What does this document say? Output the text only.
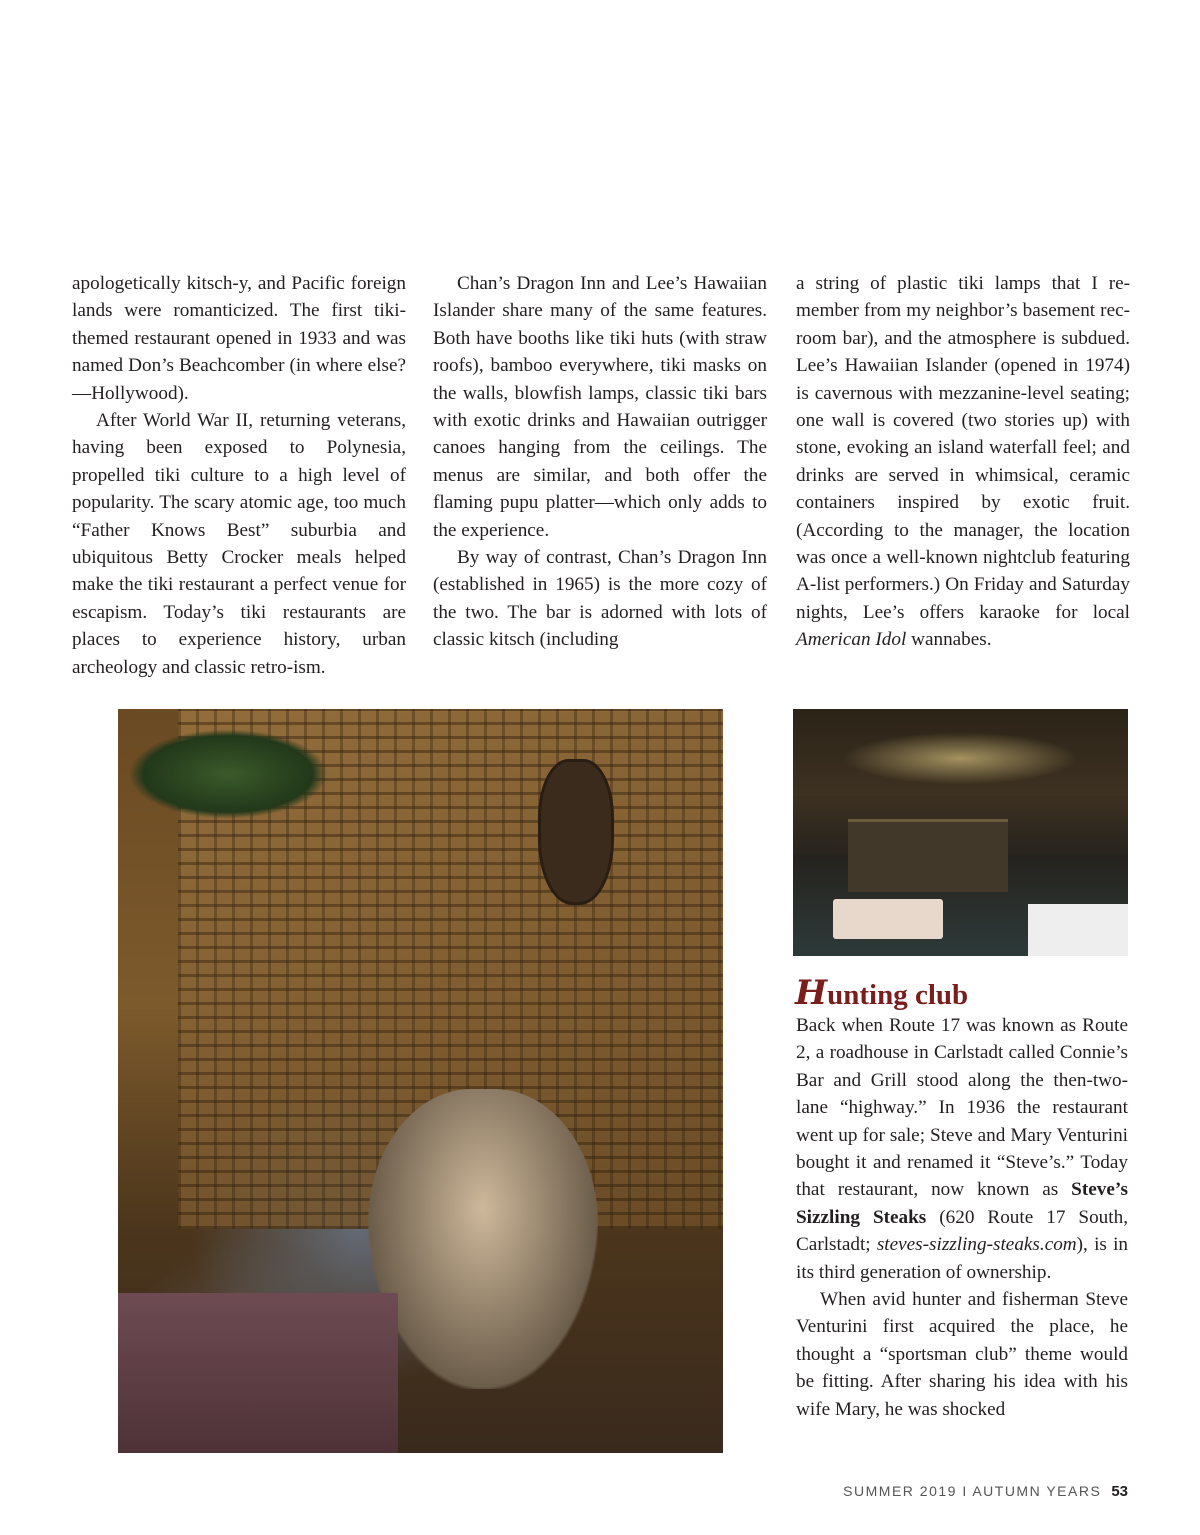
apologetically kitsch-y, and Pacific foreign lands were romanticized. The first tiki-themed restaurant opened in 1933 and was named Don’s Beachcomber (in where else?—Hollywood).

After World War II, returning veterans, having been exposed to Polynesia, propelled tiki culture to a high level of popularity. The scary atomic age, too much “Father Knows Best” suburbia and ubiquitous Betty Crocker meals helped make the tiki restaurant a perfect venue for escapism. Today’s tiki restaurants are places to experience history, urban archeology and classic retro-ism.

Chan’s Dragon Inn and Lee’s Hawaiian Islander share many of the same features. Both have booths like tiki huts (with straw roofs), bamboo everywhere, tiki masks on the walls, blowfish lamps, classic tiki bars with exotic drinks and Hawaiian outrigger canoes hanging from the ceilings. The menus are similar, and both offer the flaming pupu platter—which only adds to the experience.

By way of contrast, Chan’s Dragon Inn (established in 1965) is the more cozy of the two. The bar is adorned with lots of classic kitsch (including

a string of plastic tiki lamps that I remember from my neighbor’s basement rec-room bar), and the atmosphere is subdued. Lee’s Hawaiian Islander (opened in 1974) is cavernous with mezzanine-level seating; one wall is covered (two stories up) with stone, evoking an island waterfall feel; and drinks are served in whimsical, ceramic containers inspired by exotic fruit. (According to the manager, the location was once a well-known nightclub featuring A-list performers.) On Friday and Saturday nights, Lee’s offers karaoke for local American Idol wannabes.

Hunting club

Back when Route 17 was known as Route 2, a roadhouse in Carlstadt called Connie’s Bar and Grill stood along the then-two-lane “highway.” In 1936 the restaurant went up for sale; Steve and Mary Venturini bought it and renamed it “Steve’s.” Today that restaurant, now known as Steve’s Sizzling Steaks (620 Route 17 South, Carlstadt; steves-sizzling-steaks.com), is in its third generation of ownership.

When avid hunter and fisherman Steve Venturini first acquired the place, he thought a “sportsman club” theme would be fitting. After sharing his idea with his wife Mary, he was shocked

SUMMER 2019 I AUTUMN YEARS 53
